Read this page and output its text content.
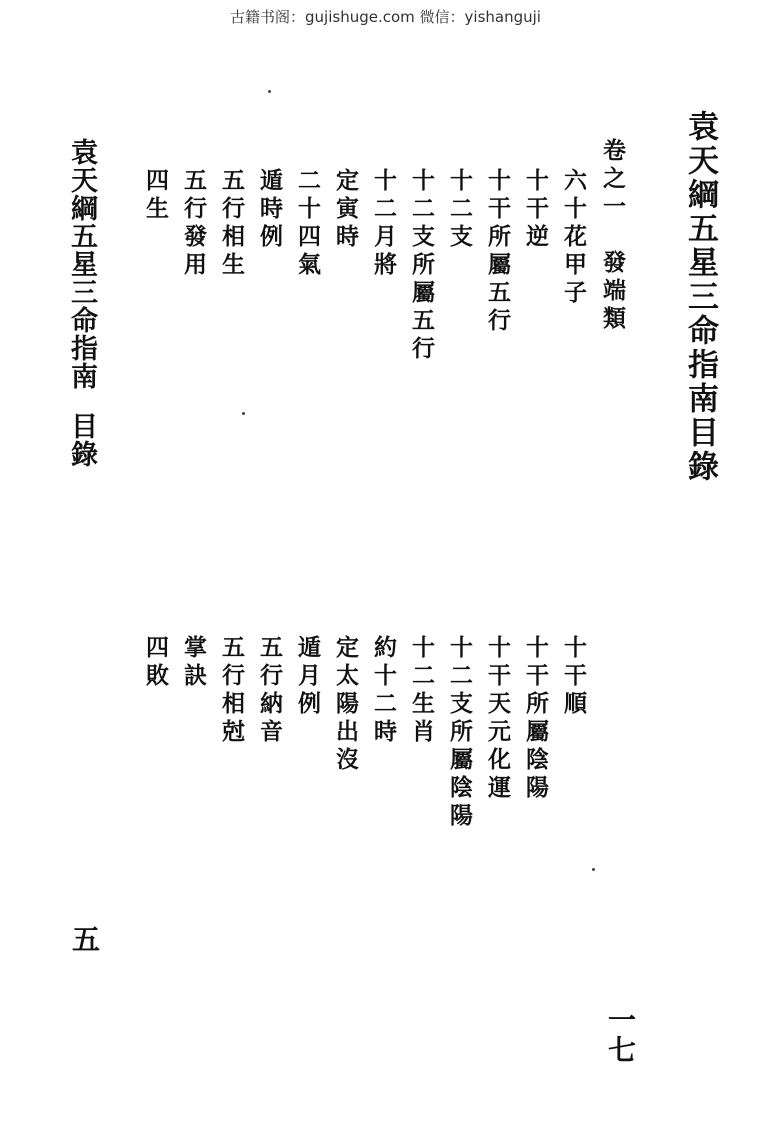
古籍书阁：gujishuge.com 微信：yishanguji
袁天綱五星三命指南目錄
袁天綱五星三命指南目錄
卷之一　發端類
六十花甲子
十干逆
十干所屬五行
十二支
十二支所屬五行
十二月將
定寅時
二十四氣
遁時例
五行相生
五行發用
四生
十干順
十干所屬陰陽
十干天元化運
十二支所屬陰陽
十二生肖
約十二時
定太陽出沒
遁月例
五行納音
五行相尅
掌訣
四敗
五
一七
